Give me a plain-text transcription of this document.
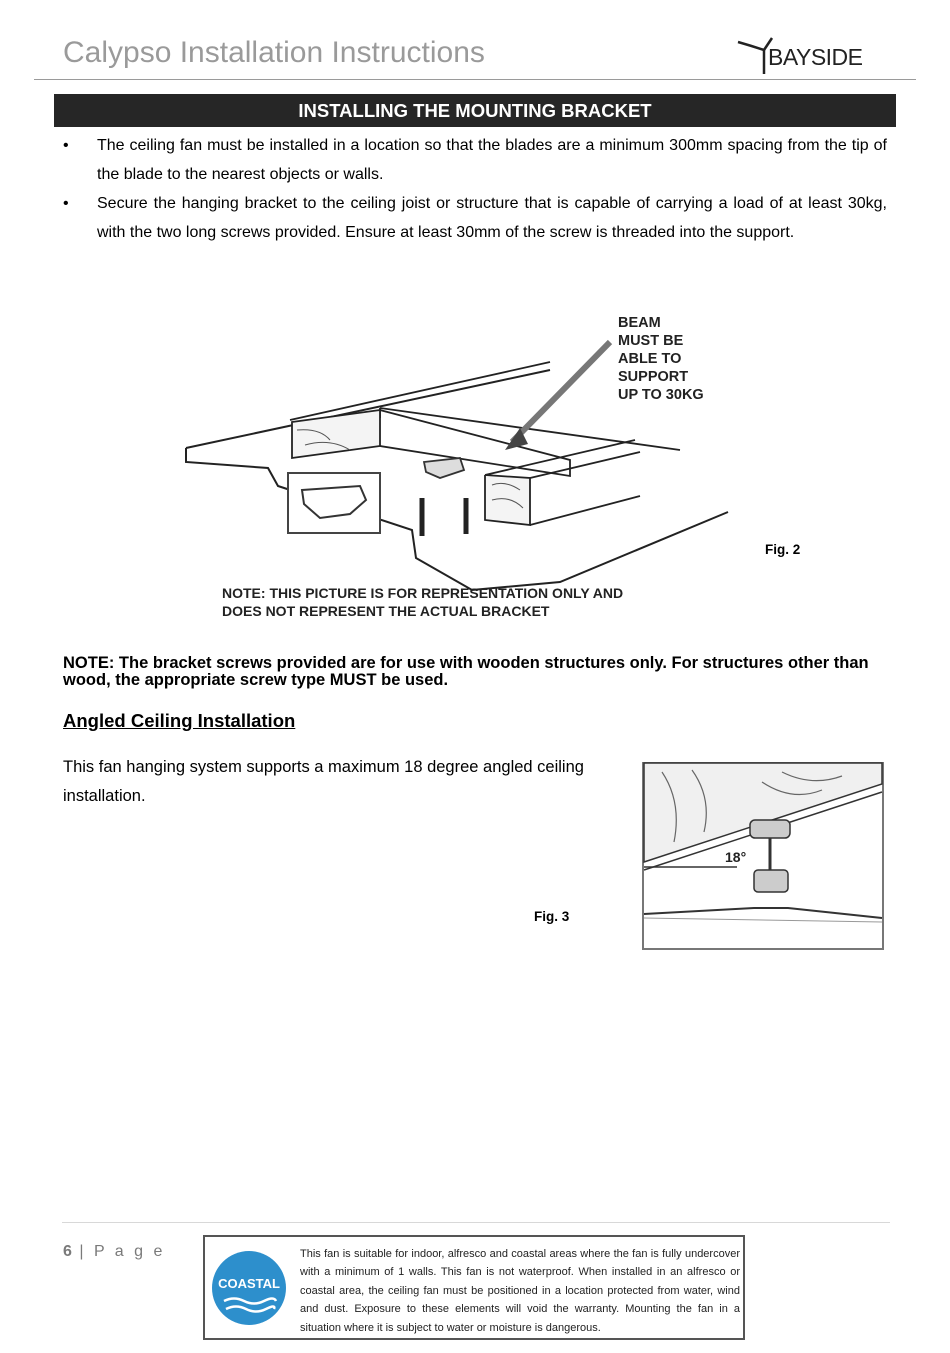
Calypso Installation Instructions	BAYSIDE
INSTALLING THE MOUNTING BRACKET
• The ceiling fan must be installed in a location so that the blades are a minimum 300mm spacing from the tip of the blade to the nearest objects or walls.
• Secure the hanging bracket to the ceiling joist or structure that is capable of carrying a load of at least 30kg, with the two long screws provided. Ensure at least 30mm of the screw is threaded into the support.
BEAM
MUST BE
ABLE TO
SUPPORT
UP TO 30KG
NOTE: THIS PICTURE IS FOR REPRESENTATION ONLY AND
DOES NOT REPRESENT THE ACTUAL BRACKET
Fig. 2
NOTE: The bracket screws provided are for use with wooden structures only. For structures other than wood, the appropriate screw type MUST be used.
Angled Ceiling Installation
This fan hanging system supports a maximum 18 degree angled ceiling installation.
18°
Fig. 3
6 | P a g e
COASTAL
This fan is suitable for indoor, alfresco and coastal areas where the fan is fully undercover with a minimum of 1 walls. This fan is not waterproof. When installed in an alfresco or coastal area, the ceiling fan must be positioned in a location protected from water, wind and dust. Exposure to these elements will void the warranty. Mounting the fan in a situation where it is subject to water or moisture is dangerous.
